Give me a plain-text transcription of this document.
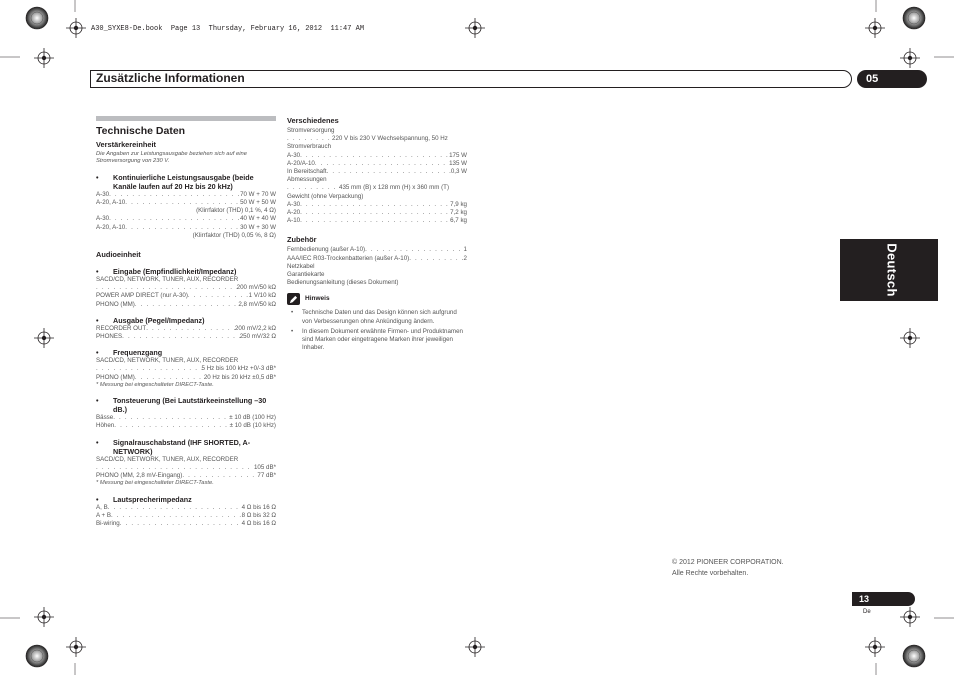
A30_SYXE8-De.book  Page 13  Thursday, February 16, 2012  11:47 AM
Zusätzliche Informationen	05
Deutsch
Technische Daten
Verstärkereinheit
Die Angaben zur Leistungsausgabe beziehen sich auf eine Stromversorgung von 230 V.
•	Kontinuierliche Leistungsausgabe (beide Kanäle laufen auf 20 Hz bis 20 kHz)
A-30 . . .	70 W + 70 W
A-20, A-10 . . .	50 W + 50 W
(Klirrfaktor (THD) 0,1 %, 4 Ω)
A-30 . . .	40 W + 40 W
A-20, A-10 . . .	30 W + 30 W
(Klirrfaktor (THD) 0,05 %, 8 Ω)
Audioeinheit
•	Eingabe (Empfindlichkeit/Impedanz)
SACD/CD, NETWORK, TUNER, AUX, RECORDER
. . .
200 mV/50 kΩ
POWER AMP DIRECT (nur A-30) . . .	1 V/10 kΩ
PHONO (MM) . . .	2,8 mV/50 kΩ
•	Ausgabe (Pegel/Impedanz)
RECORDER OUT . . .	200 mV/2,2 kΩ
PHONES . . .	250 mV/32 Ω
•	Frequenzgang
SACD/CD, NETWORK, TUNER, AUX, RECORDER
. . .
5 Hz bis 100 kHz +0/-3 dB*
PHONO (MM) . . .	20 Hz bis 20 kHz ±0,5 dB*
* Messung bei eingeschalteter DIRECT-Taste.
•	Tonsteuerung (Bei Lautstärkeeinstellung –30 dB.)
Bässe . . .	± 10 dB (100 Hz)
Höhen . . .	± 10 dB (10 kHz)
•	Signalrauschabstand (IHF SHORTED, A-NETWORK)
SACD/CD, NETWORK, TUNER, AUX, RECORDER
. . .
105 dB*
PHONO (MM, 2,8 mV-Eingang) . . .	77 dB*
* Messung bei eingeschalteter DIRECT-Taste.
•	Lautsprecherimpedanz
A, B . . .	4 Ω bis 16 Ω
A + B . . .	8 Ω bis 32 Ω
Bi-wiring . . .	4 Ω bis 16 Ω
Verschiedenes
Stromversorgung
. . .
220 V bis 230 V Wechselspannung, 50 Hz
Stromverbrauch
A-30 . . .	175 W
A-20/A-10 . . .	135 W
In Bereitschaft . . .	0,3 W
Abmessungen
. . .
435 mm (B) x 128 mm (H) x 360 mm (T)
Gewicht (ohne Verpackung)
A-30 . . .	7,9 kg
A-20 . . .	7,2 kg
A-10 . . .	6,7 kg
Zubehör
Fernbedienung (außer A-10) . . .	1
AAA/IEC R03-Trockenbatterien (außer A-10) . . .	2
Netzkabel
Garantiekarte
Bedienungsanleitung (dieses Dokument)
Hinweis
•	Technische Daten und das Design können sich aufgrund von Verbesserungen ohne Ankündigung ändern.
•	In diesem Dokument erwähnte Firmen- und Produktnamen sind Marken oder eingetragene Marken ihrer jeweiligen Inhaber.
© 2012 PIONEER CORPORATION.
Alle Rechte vorbehalten.
13
De
